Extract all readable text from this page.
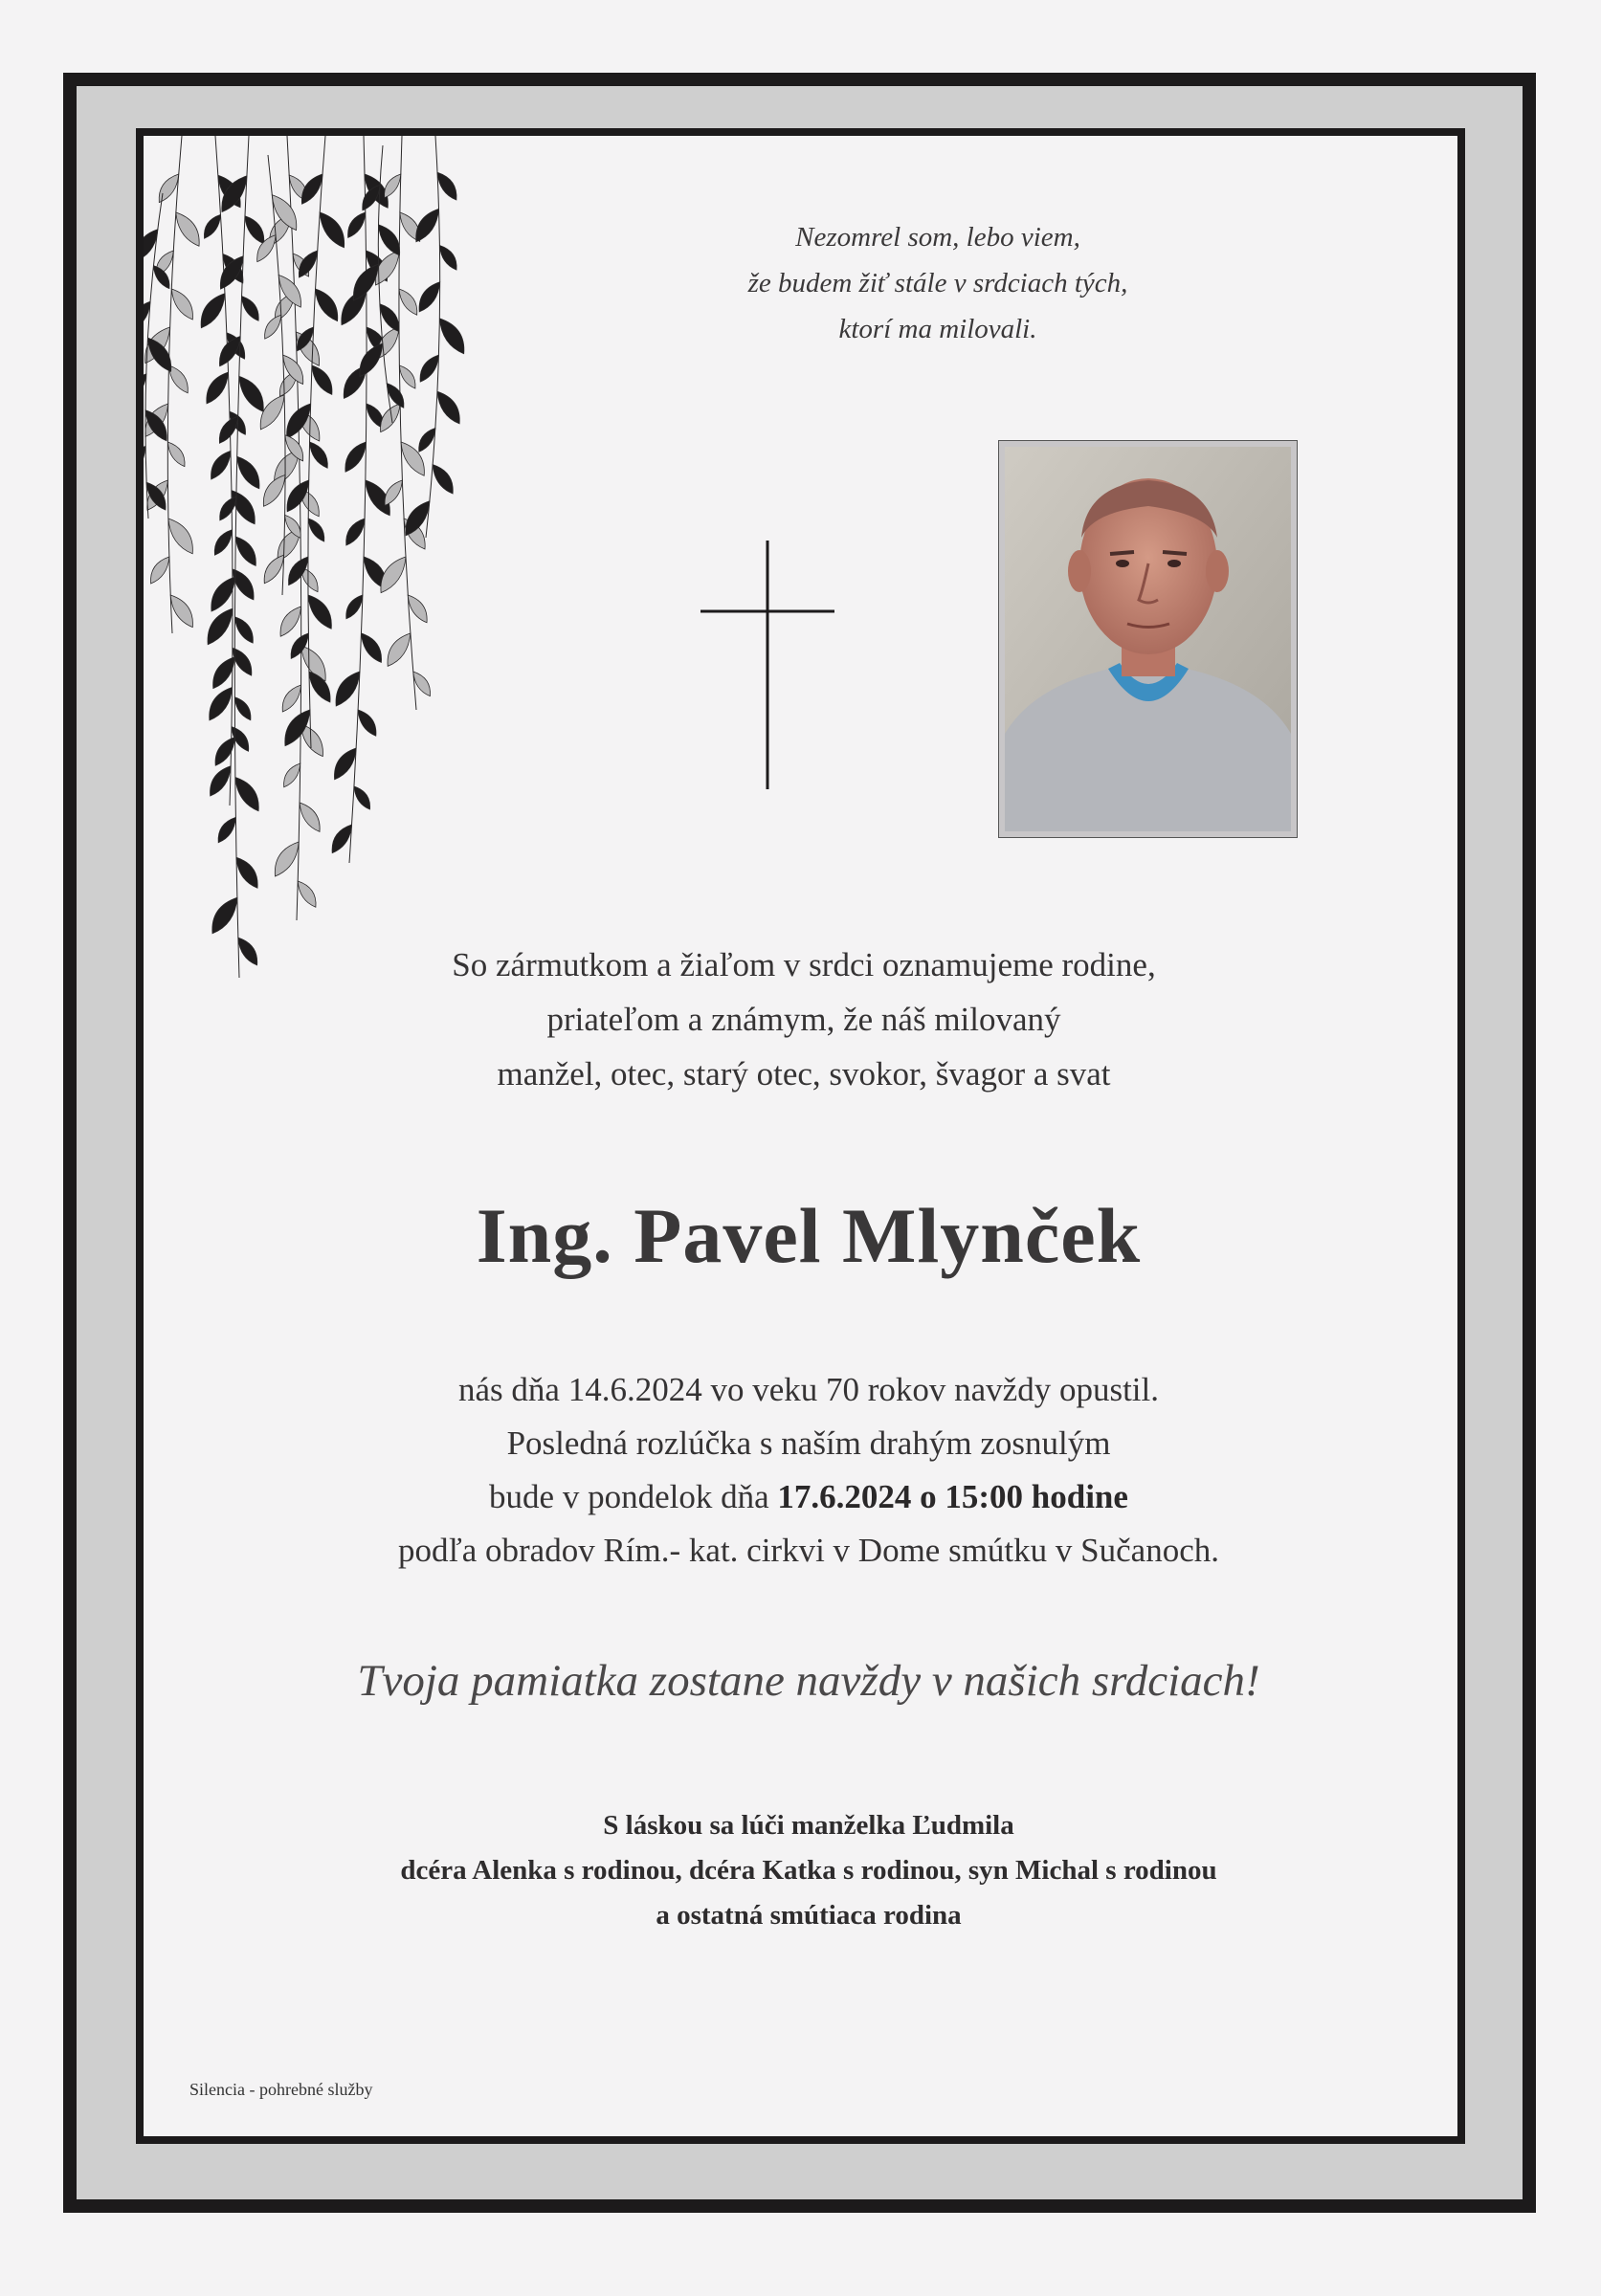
Nezomrel som, lebo viem,
že budem žiť stále v srdciach tých,
ktorí ma milovali.
So zármutkom a žiaľom v srdci oznamujeme rodine,
priateľom a známym, že náš milovaný
manžel, otec, starý otec, svokor, švagor a svat
Ing. Pavel Mlynček
nás dňa 14.6.2024 vo veku 70 rokov navždy opustil.
Posledná rozlúčka s naším drahým zosnulým
bude v pondelok dňa 17.6.2024 o 15:00 hodine
podľa obradov Rím.- kat. cirkvi v Dome smútku v Sučanoch.
Tvoja pamiatka zostane navždy v našich srdciach!
S láskou sa lúči manželka Ľudmila
dcéra Alenka s rodinou, dcéra Katka s rodinou, syn Michal s rodinou
a ostatná smútiaca rodina
Silencia - pohrebné služby
